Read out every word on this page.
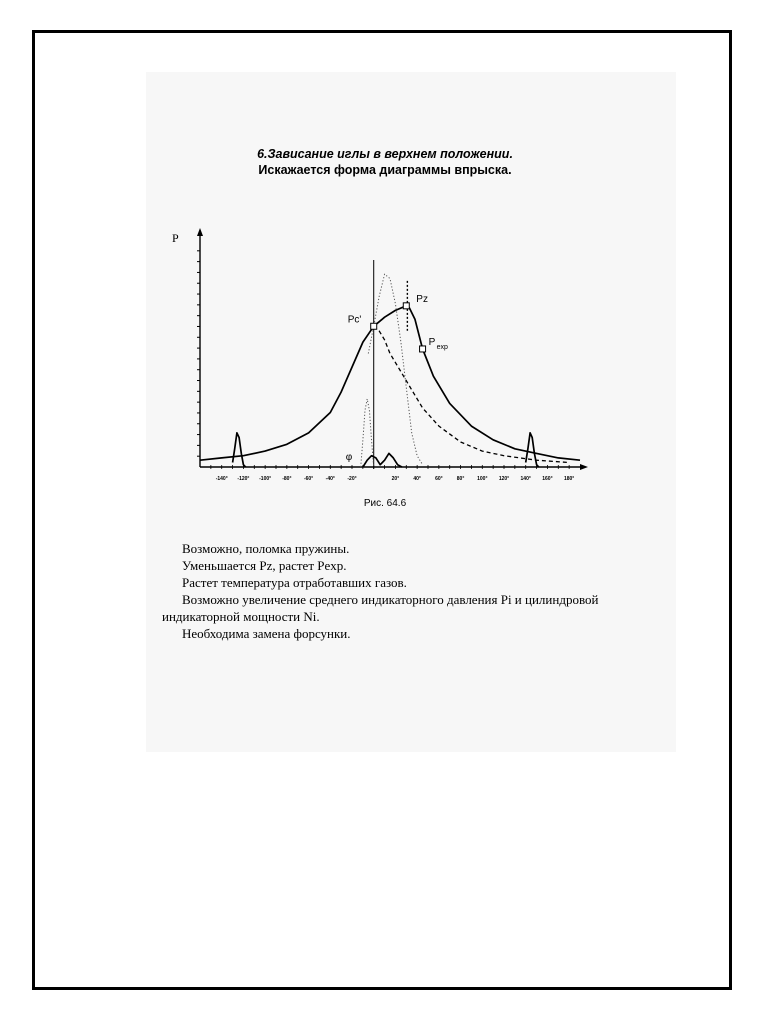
6.Зависание иглы в верхнем положении.
Искажается форма диаграммы впрыска.
-140° -120° -100° -80° -60° -40° -20°	20°	40°	60°	80°	100° 120° 140° 160° 180°
P
Pc'
Pz
P exp
φ

Рис. 64.6

Возможно, поломка пружины.

Уменьшается Pz, растет Pexp.

Растет температура отработавших газов.

Возможно увеличение среднего индикаторного давления Pi и цилиндровой индикаторной мощности Ni.

Необходима замена форсунки.
